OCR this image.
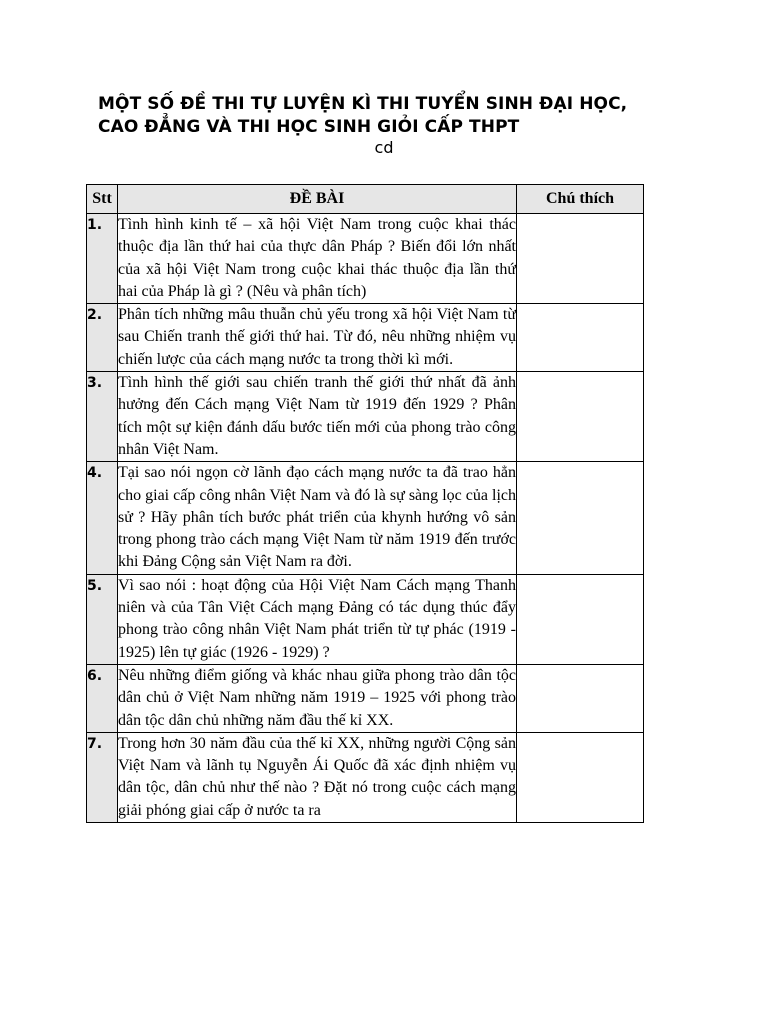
MỘT SỐ ĐỀ THI TỰ LUYỆN KÌ THI TUYỂN SINH ĐẠI HỌC,
CAO ĐẲNG VÀ THI HỌC SINH GIỎI CẤP THPT
cd
Stt	ĐỀ BÀI	Chú thích
1.	Tình hình kinh tế – xã hội Việt Nam trong cuộc khai thác thuộc địa lần thứ hai của thực dân Pháp ? Biến đổi lớn nhất của xã hội Việt Nam trong cuộc khai thác thuộc địa lần thứ hai của Pháp là gì ? (Nêu và phân tích)	
2.	Phân tích những mâu thuẫn chủ yếu trong xã hội Việt Nam từ sau Chiến tranh thế giới thứ hai. Từ đó, nêu những nhiệm vụ chiến lược của cách mạng nước ta trong thời kì mới.	
3.	Tình hình thế giới sau chiến tranh thế giới thứ nhất đã ảnh hưởng đến Cách mạng Việt Nam từ 1919 đến 1929 ? Phân tích một sự kiện đánh dấu bước tiến mới của phong trào công nhân Việt Nam.	
4.	Tại sao nói ngọn cờ lãnh đạo cách mạng nước ta đã trao hẳn cho giai cấp công nhân Việt Nam và đó là sự sàng lọc của lịch sử ? Hãy phân tích bước phát triển của khynh hướng vô sản trong phong trào cách mạng Việt Nam từ năm 1919 đến trước khi Đảng Cộng sản Việt Nam ra đời.	
5.	Vì sao nói : hoạt động của Hội Việt Nam Cách mạng Thanh niên và của Tân Việt Cách mạng Đảng có tác dụng thúc đẩy phong trào công nhân Việt Nam phát triển từ tự phác (1919 - 1925) lên tự giác (1926 - 1929) ?	
6.	Nêu những điểm giống và khác nhau giữa phong trào dân tộc dân chủ ở Việt Nam những năm 1919 – 1925 với phong trào dân tộc dân chủ những năm đầu thế kỉ XX.	
7.	Trong hơn 30 năm đầu của thế kỉ XX, những người Cộng sản Việt Nam và lãnh tụ Nguyễn Ái Quốc đã xác định nhiệm vụ dân tộc, dân chủ như thế nào ? Đặt nó trong cuộc cách mạng giải phóng giai cấp ở nước ta ra	
